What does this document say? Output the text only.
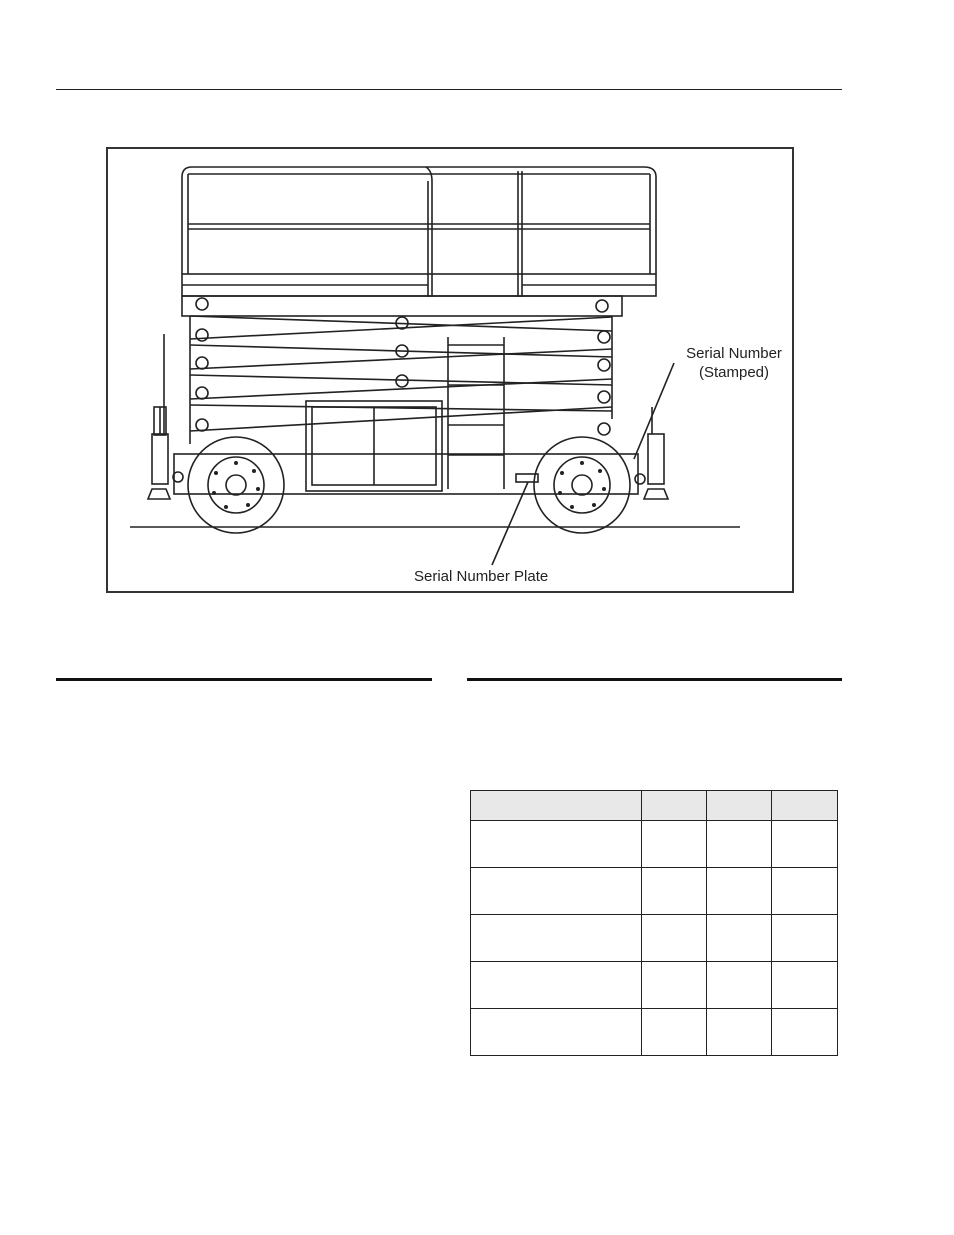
Serial Number
(Stamped)
Serial Number Plate
